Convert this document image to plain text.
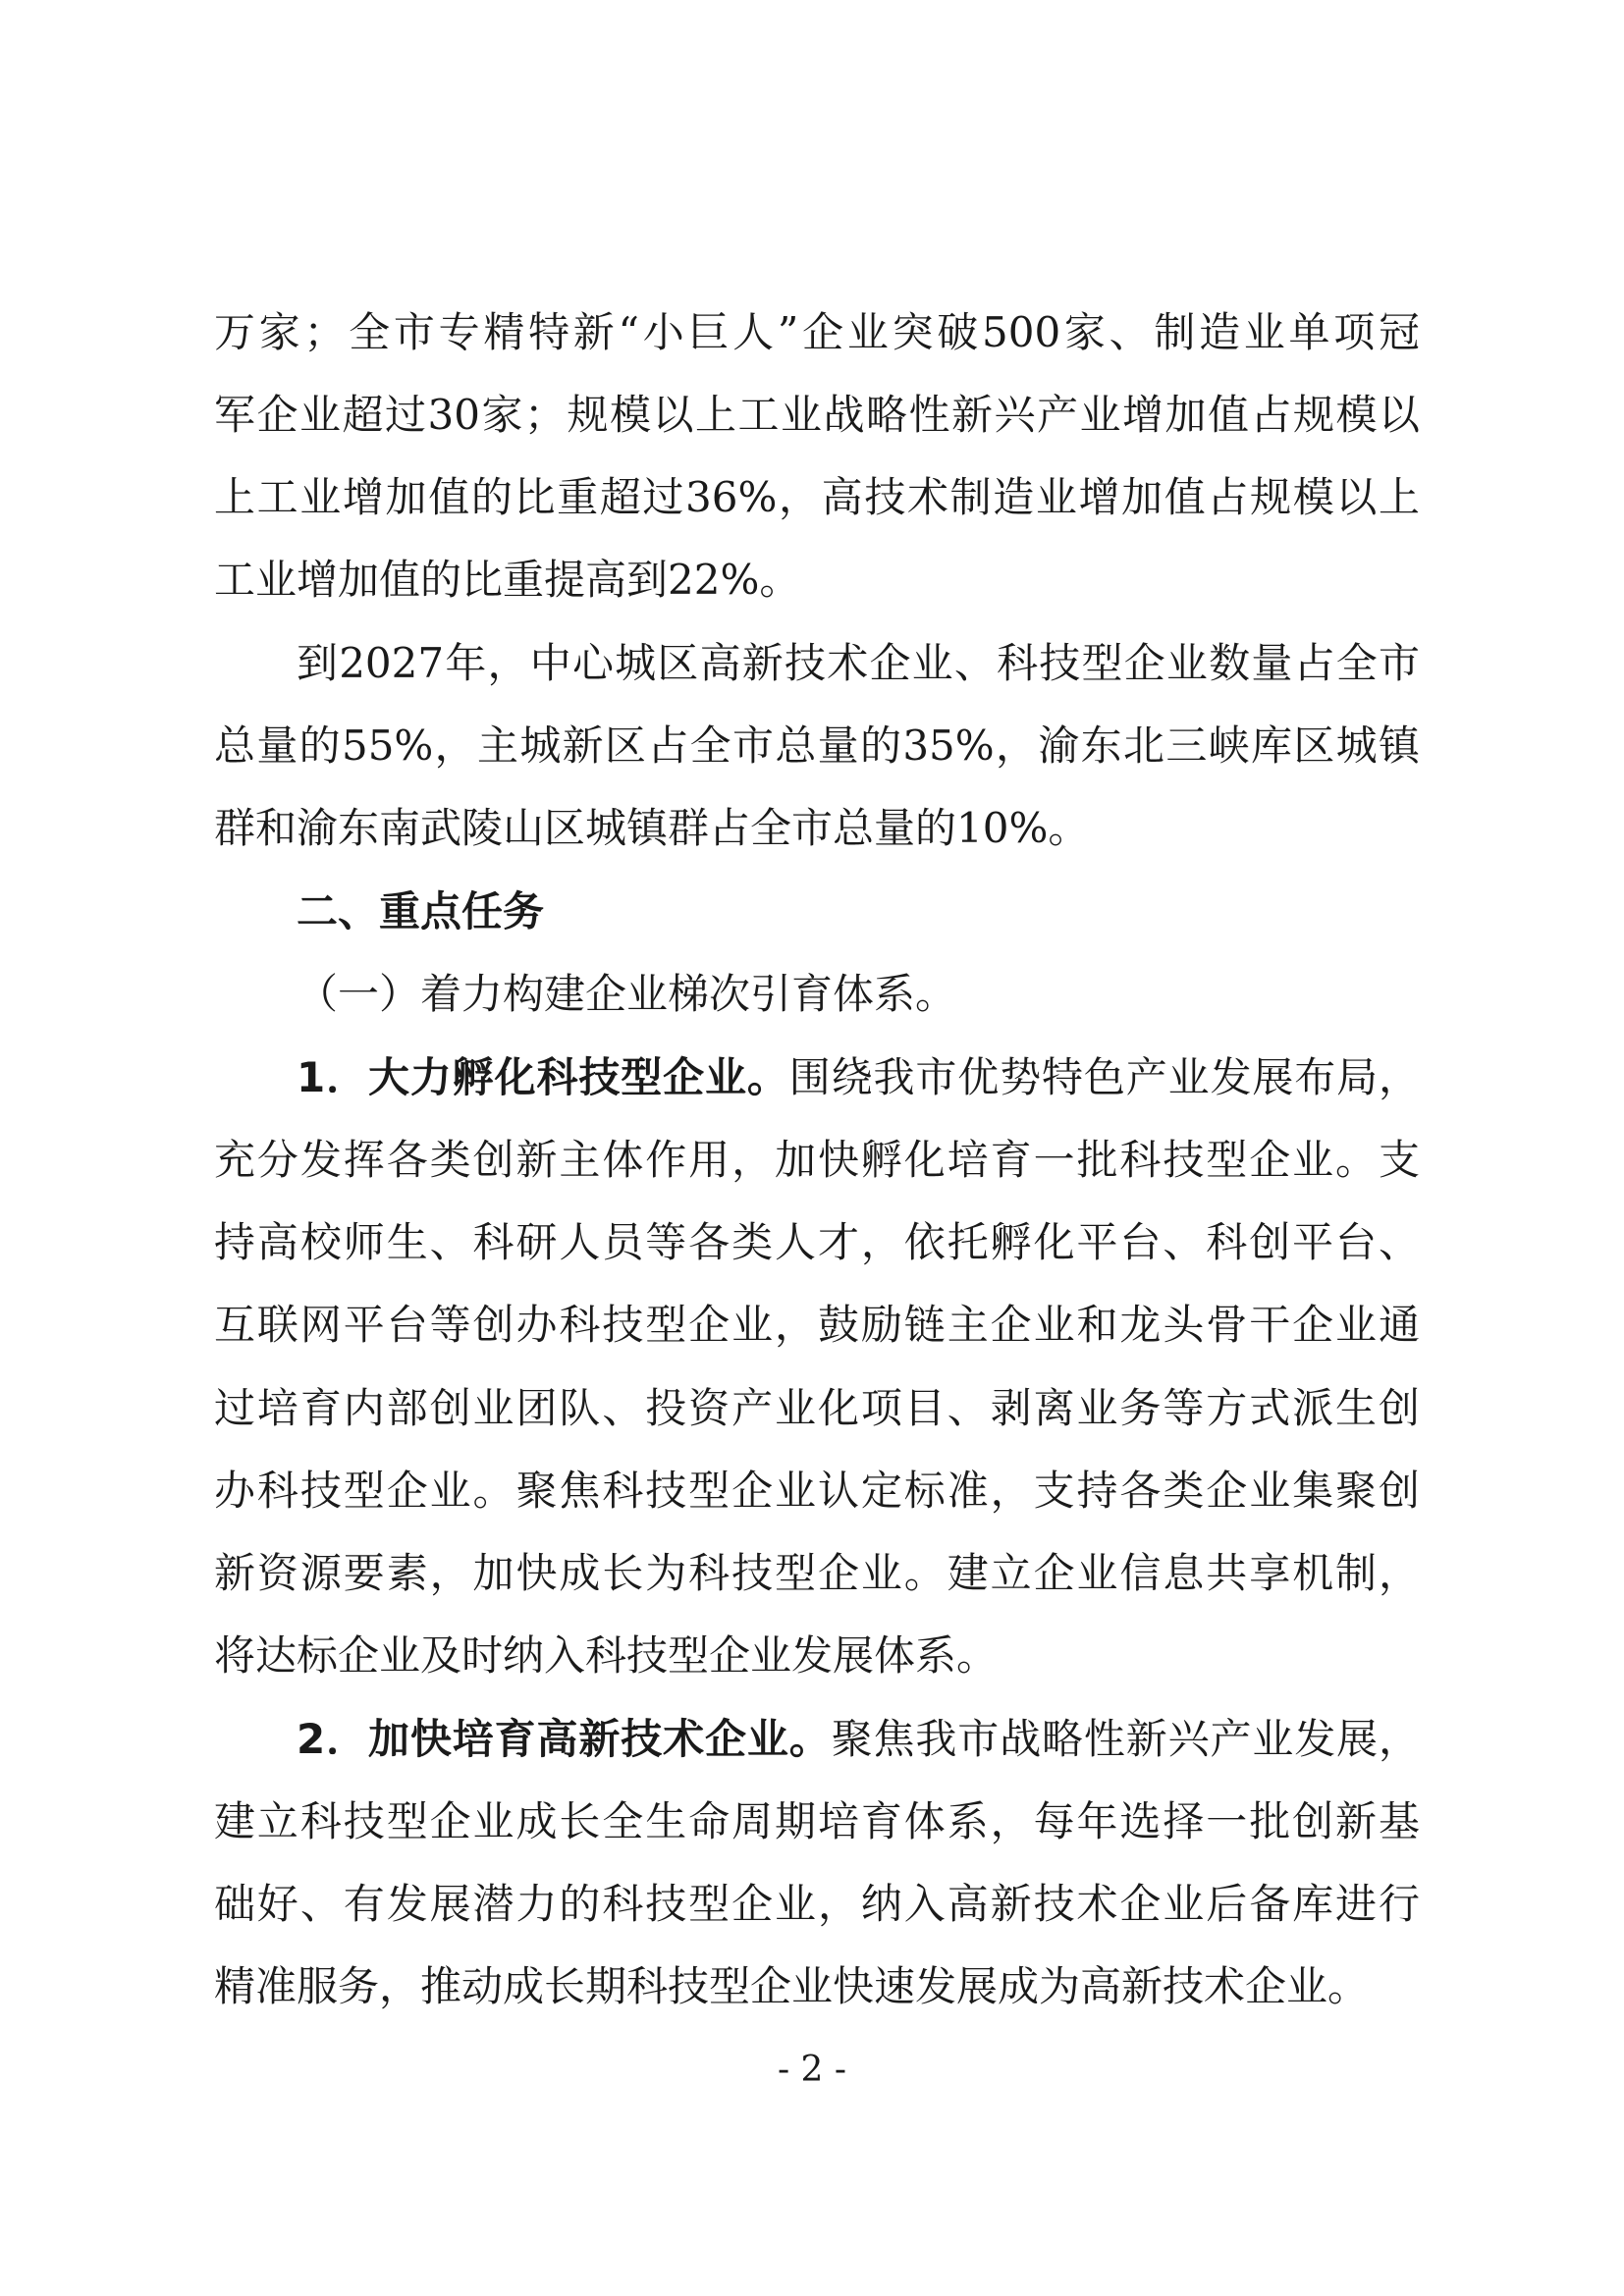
万家；全市专精特新“小巨人”企业突破500家、制造业单项冠
军企业超过30家；规模以上工业战略性新兴产业增加值占规模以
上工业增加值的比重超过36%，高技术制造业增加值占规模以上
工业增加值的比重提高到22%。
到2027年，中心城区高新技术企业、科技型企业数量占全市
总量的55%，主城新区占全市总量的35%，渝东北三峡库区城镇
群和渝东南武陵山区城镇群占全市总量的10%。
二、重点任务
（一）着力构建企业梯次引育体系。
1．大力孵化科技型企业。围绕我市优势特色产业发展布局，
充分发挥各类创新主体作用，加快孵化培育一批科技型企业。支
持高校师生、科研人员等各类人才，依托孵化平台、科创平台、
互联网平台等创办科技型企业，鼓励链主企业和龙头骨干企业通
过培育内部创业团队、投资产业化项目、剥离业务等方式派生创
办科技型企业。聚焦科技型企业认定标准，支持各类企业集聚创
新资源要素，加快成长为科技型企业。建立企业信息共享机制，
将达标企业及时纳入科技型企业发展体系。
2．加快培育高新技术企业。聚焦我市战略性新兴产业发展，
建立科技型企业成长全生命周期培育体系，每年选择一批创新基
础好、有发展潜力的科技型企业，纳入高新技术企业后备库进行
精准服务，推动成长期科技型企业快速发展成为高新技术企业。
- 2 -
